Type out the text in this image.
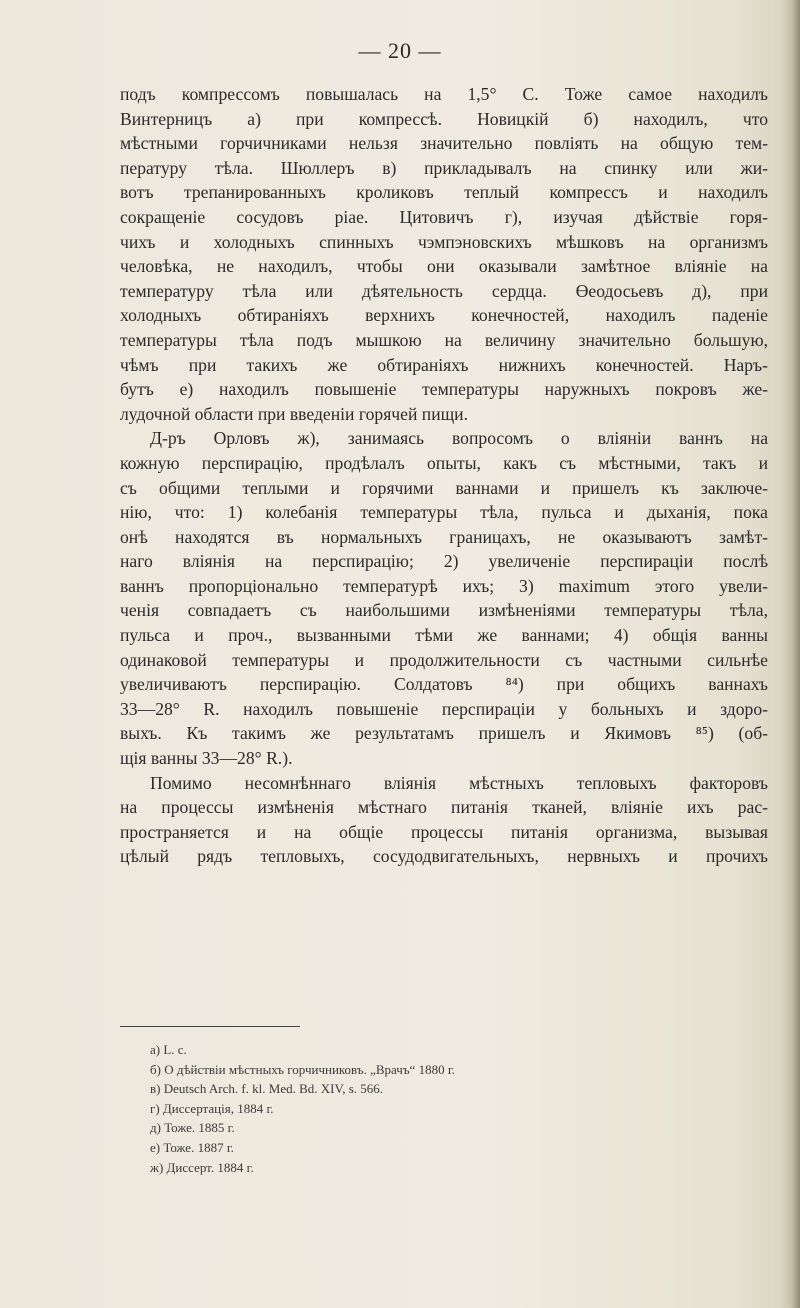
— 20 —
подъ компрессомъ повышалась на 1,5° С. Тоже самое находилъ
Винтерницъ а) при компрессѣ. Новицкій б) находилъ, что
мѣстными горчичниками нельзя значительно повліять на общую тем-
пературу тѣла. Шюллеръ в) прикладывалъ на спинку или жи-
вотъ трепанированныхъ кроликовъ теплый компрессъ и находилъ
сокращеніе сосудовъ pіае. Цитовичъ г), изучая дѣйствіе горя-
чихъ и холодныхъ спинныхъ чэмпэновскихъ мѣшковъ на организмъ
человѣка, не находилъ, чтобы они оказывали замѣтное вліяніе на
температуру тѣла или дѣятельность сердца. Өеодосьевъ д), при
холодныхъ обтираніяхъ верхнихъ конечностей, находилъ паденіе
температуры тѣла подъ мышкою на величину значительно большую,
чѣмъ при такихъ же обтираніяхъ нижнихъ конечностей. Наръ-
бутъ е) находилъ повышеніе температуры наружныхъ покровъ же-
лудочной области при введеніи горячей пищи.
Д-ръ Орловъ ж), занимаясь вопросомъ о вліяніи ваннъ на
кожную перспирацію, продѣлалъ опыты, какъ съ мѣстными, такъ и
съ общими теплыми и горячими ваннами и пришелъ къ заключе-
нію, что: 1) колебанія температуры тѣла, пульса и дыханія, пока
онѣ находятся въ нормальныхъ границахъ, не оказываютъ замѣт-
наго вліянія на перспирацію; 2) увеличеніе перспираціи послѣ
ваннъ пропорціонально температурѣ ихъ; 3) maximum этого увели-
ченія совпадаетъ съ наибольшими измѣненіями температуры тѣла,
пульса и проч., вызванными тѣми же ваннами; 4) общія ванны
одинаковой температуры и продолжительности съ частными сильнѣе
увеличиваютъ перспирацію. Солдатовъ ⁸⁴) при общихъ ваннахъ
33—28° R. находилъ повышеніе перспираціи у больныхъ и здоро-
выхъ. Къ такимъ же результатамъ пришелъ и Якимовъ ⁸⁵) (об-
щія ванны 33—28° R.).
Помимо несомнѣннаго вліянія мѣстныхъ тепловыхъ факторовъ
на процессы измѣненія мѣстнаго питанія тканей, вліяніе ихъ рас-
пространяется и на общіе процессы питанія организма, вызывая
цѣлый рядъ тепловыхъ, сосудодвигательныхъ, нервныхъ и прочихъ
а) L. c.
б) О дѣйствіи мѣстныхъ горчичниковъ. „Врачъ“ 1880 г.
в) Deutsch Arch. f. kl. Med. Bd. XIV, s. 566.
г) Диссертація, 1884 г.
д) Тоже. 1885 г.
е) Тоже. 1887 г.
ж) Диссерт. 1884 г.
